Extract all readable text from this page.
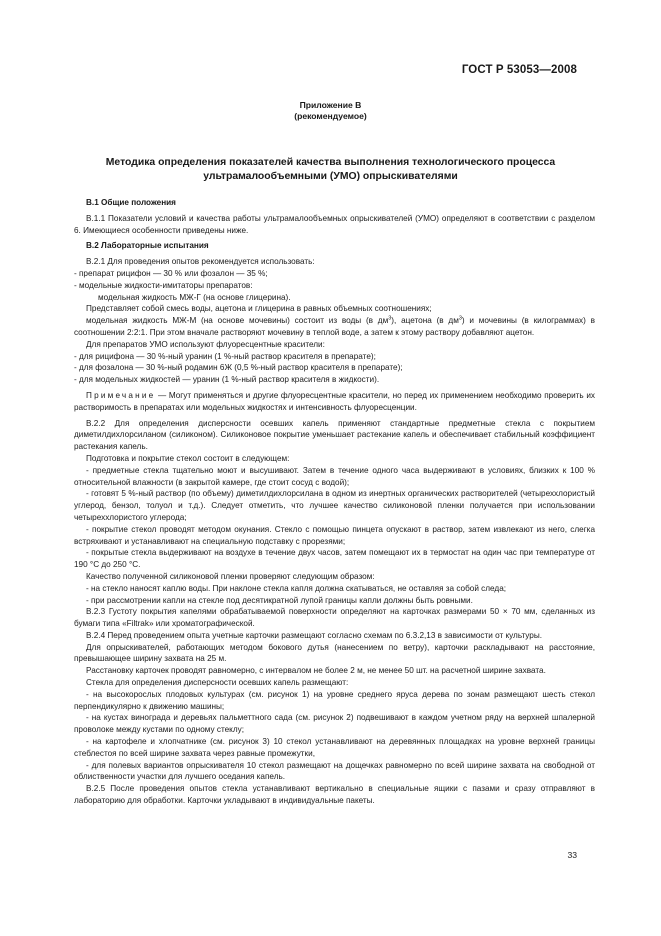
ГОСТ Р 53053—2008
Приложение В
(рекомендуемое)
Методика определения показателей качества выполнения технологического процесса ультрамалообъемными (УМО) опрыскивателями

В.1 Общие положения

В.1.1 Показатели условий и качества работы ультрамалообъемных опрыскивателей (УМО) определяют в соответствии с разделом 6. Имеющиеся особенности приведены ниже.

В.2 Лабораторные испытания

В.2.1 Для проведения опытов рекомендуется использовать:

- препарат рицифон — 30 % или фозалон — 35 %;

- модельные жидкости-имитаторы препаратов:

модельная жидкость МЖ-Г (на основе глицерина).

Представляет собой смесь воды, ацетона и глицерина в равных объемных соотношениях;

модельная жидкость МЖ-М (на основе мочевины) состоит из воды (в $дм^3$), ацетона (в $дм^3$) и мочевины (в килограммах) в соотношении 2:2:1. При этом вначале растворяют мочевину в теплой воде, а затем к этому раствору добавляют ацетон.

Для препаратов УМО используют флуоресцентные красители:

- для рицифона — 30 %-ный уранин (1 %-ный раствор красителя в препарате);

- для фозалона — 30 %-ный родамин 6Ж (0,5 %-ный раствор красителя в препарате);

- для модельных жидкостей — уранин (1 %-ный раствор красителя в жидкости).

Примечание — Могут применяться и другие флуоресцентные красители, но перед их применением необходимо проверить их растворимость в препаратах или модельных жидкостях и интенсивность флуоресценции.

В.2.2 Для определения дисперсности осевших капель применяют стандартные предметные стекла с покрытием диметилдихлорсиланом (силиконом). Силиконовое покрытие уменьшает растекание капель и обеспечивает стабильный коэффициент растекания капель.

Подготовка и покрытие стекол состоит в следующем:

- предметные стекла тщательно моют и высушивают. Затем в течение одного часа выдерживают в условиях, близких к 100 % относительной влажности (в закрытой камере, где стоит сосуд с водой);

- готовят 5 %-ный раствор (по объему) диметилдихлорсилана в одном из инертных органических растворителей (четыреххлористый углерод, бензол, толуол и т.д.). Следует отметить, что лучшее качество силиконовой пленки получается при использовании четыреххлористого углерода;

- покрытие стекол проводят методом окунания. Стекло с помощью пинцета опускают в раствор, затем извлекают из него, слегка встряхивают и устанавливают на специальную подставку с прорезями;

- покрытые стекла выдерживают на воздухе в течение двух часов, затем помещают их в термостат на один час при температуре от 190 °С до 250 °С.

Качество полученной силиконовой пленки проверяют следующим образом:

- на стекло наносят каплю воды. При наклоне стекла капля должна скатываться, не оставляя за собой следа;

- при рассмотрении капли на стекле под десятикратной лупой границы капли должны быть ровными.

В.2.3 Густоту покрытия капелями обрабатываемой поверхности определяют на карточках размерами 50 × 70 мм, сделанных из бумаги типа «Filtrak» или хроматографической.

В.2.4 Перед проведением опыта учетные карточки размещают согласно схемам по 6.3.2,13 в зависимости от культуры.

Для опрыскивателей, работающих методом бокового дутья (нанесением по ветру), карточки раскладывают на расстояние, превышающее ширину захвата на 25 м.

Расстановку карточек проводят равномерно, с интервалом не более 2 м, не менее 50 шт. на расчетной ширине захвата.

Стекла для определения дисперсности осевших капель размещают:

- на высокорослых плодовых культурах (см. рисунок 1) на уровне среднего яруса дерева по зонам размещают шесть стекол перпендикулярно к движению машины;

- на кустах винограда и деревьях пальметтного сада (см. рисунок 2) подвешивают в каждом учетном ряду на верхней шпалерной проволоке между кустами по одному стеклу;

- на картофеле и хлопчатнике (см. рисунок 3) 10 стекол устанавливают на деревянных площадках на уровне верхней границы стеблестоя по всей ширине захвата через равные промежутки,

- для полевых вариантов опрыскивателя 10 стекол размещают на дощечках равномерно по всей ширине захвата на свободной от облиственности участки для лучшего оседания капель.

В.2.5 После проведения опытов стекла устанавливают вертикально в специальные ящики с пазами и сразу отправляют в лабораторию для обработки. Карточки укладывают в индивидуальные пакеты.

33
